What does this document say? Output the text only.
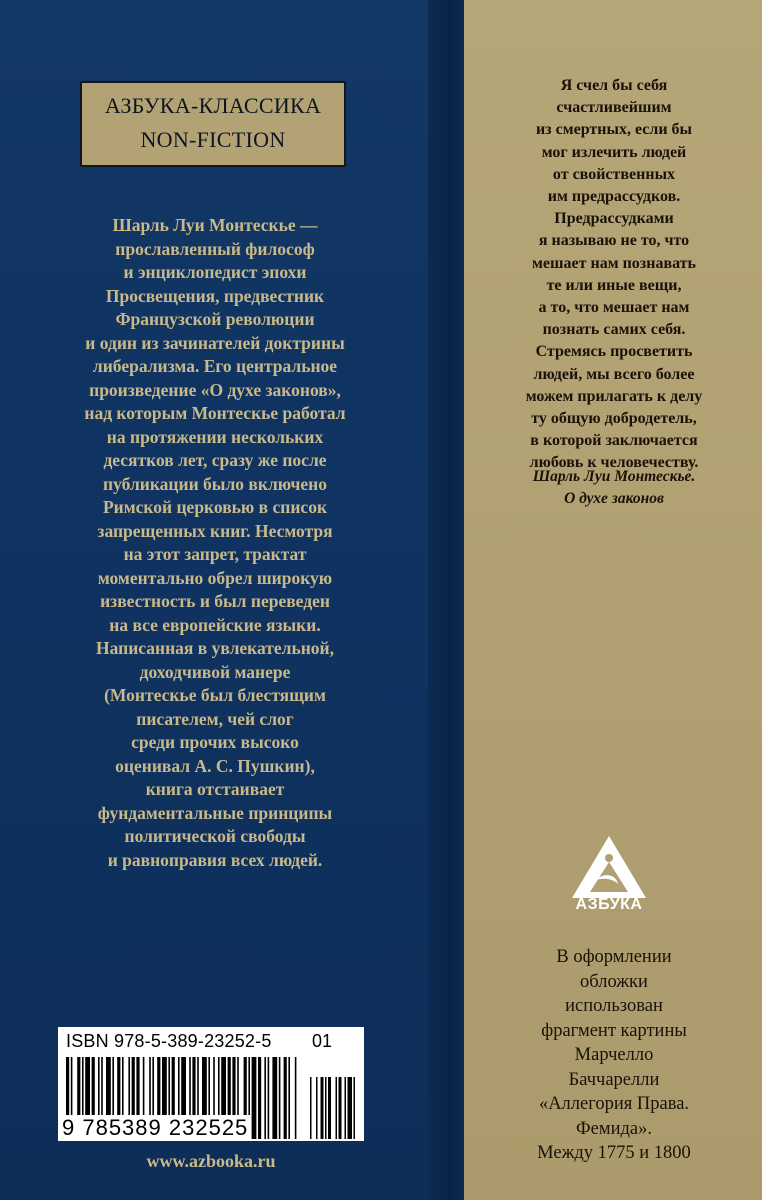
АЗБУКА-КЛАССИКА
NON-FICTION
Шарль Луи Монтескье —
прославленный философ
и энциклопедист эпохи
Просвещения, предвестник
Французской революции
и один из зачинателей доктрины
либерализма. Его центральное
произведение «О духе законов»,
над которым Монтескье работал
на протяжении нескольких
десятков лет, сразу же после
публикации было включено
Римской церковью в список
запрещенных книг. Несмотря
на этот запрет, трактат
моментально обрел широкую
известность и был переведен
на все европейские языки.
Написанная в увлекательной,
доходчивой манере
(Монтескье был блестящим
писателем, чей слог
среди прочих высоко
оценивал А. С. Пушкин),
книга отстаивает
фундаментальные принципы
политической свободы
и равноправия всех людей.
Я счел бы себя
счастливейшим
из смертных, если бы
мог излечить людей
от свойственных
им предрассудков.
Предрассудками
я называю не то, что
мешает нам познавать
те или иные вещи,
а то, что мешает нам
познать самих себя.
Стремясь просветить
людей, мы всего более
можем прилагать к делу
ту общую добродетель,
в которой заключается
любовь к человечеству.
Шарль Луи Монтескье.
О духе законов
АЗБУКА
В оформлении
обложки
использован
фрагмент картины
Марчелло
Баччарелли
«Аллегория Права.
Фемида».
Между 1775 и 1800
ISBN 978-5-389-23252-5 01
9 785389 232525
www.azbooka.ru
